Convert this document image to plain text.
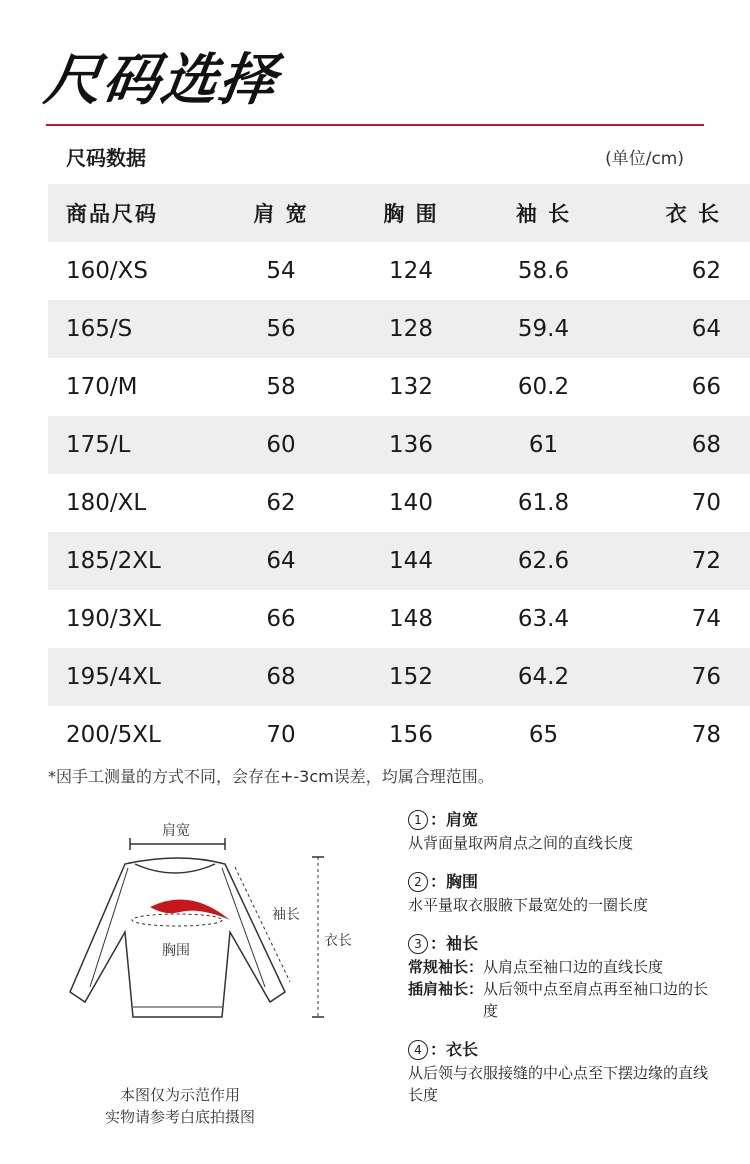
尺码选择
尺码数据	(单位/cm)
商品尺码	肩 宽	胸 围	袖 长	衣 长
160/XS	54	124	58.6	62
165/S	56	128	59.4	64
170/M	58	132	60.2	66
175/L	60	136	61	68
180/XL	62	140	61.8	70
185/2XL	64	144	62.6	72
190/3XL	66	148	63.4	74
195/4XL	68	152	64.2	76
200/5XL	70	156	65	78
*因手工测量的方式不同，会存在+-3cm误差，均属合理范围。
肩宽
袖长
胸围
衣长
本图仅为示范作用
实物请参考白底拍摄图
1 ：肩宽
从背面量取两肩点之间的直线长度
2 ：胸围
水平量取衣服腋下最宽处的一圈长度
3 ：袖长
常规袖长： 从肩点至袖口边的直线长度
插肩袖长： 从后领中点至肩点再至袖口边的长度
4 ：衣长
从后领与衣服接缝的中心点至下摆边缘的直线长度
